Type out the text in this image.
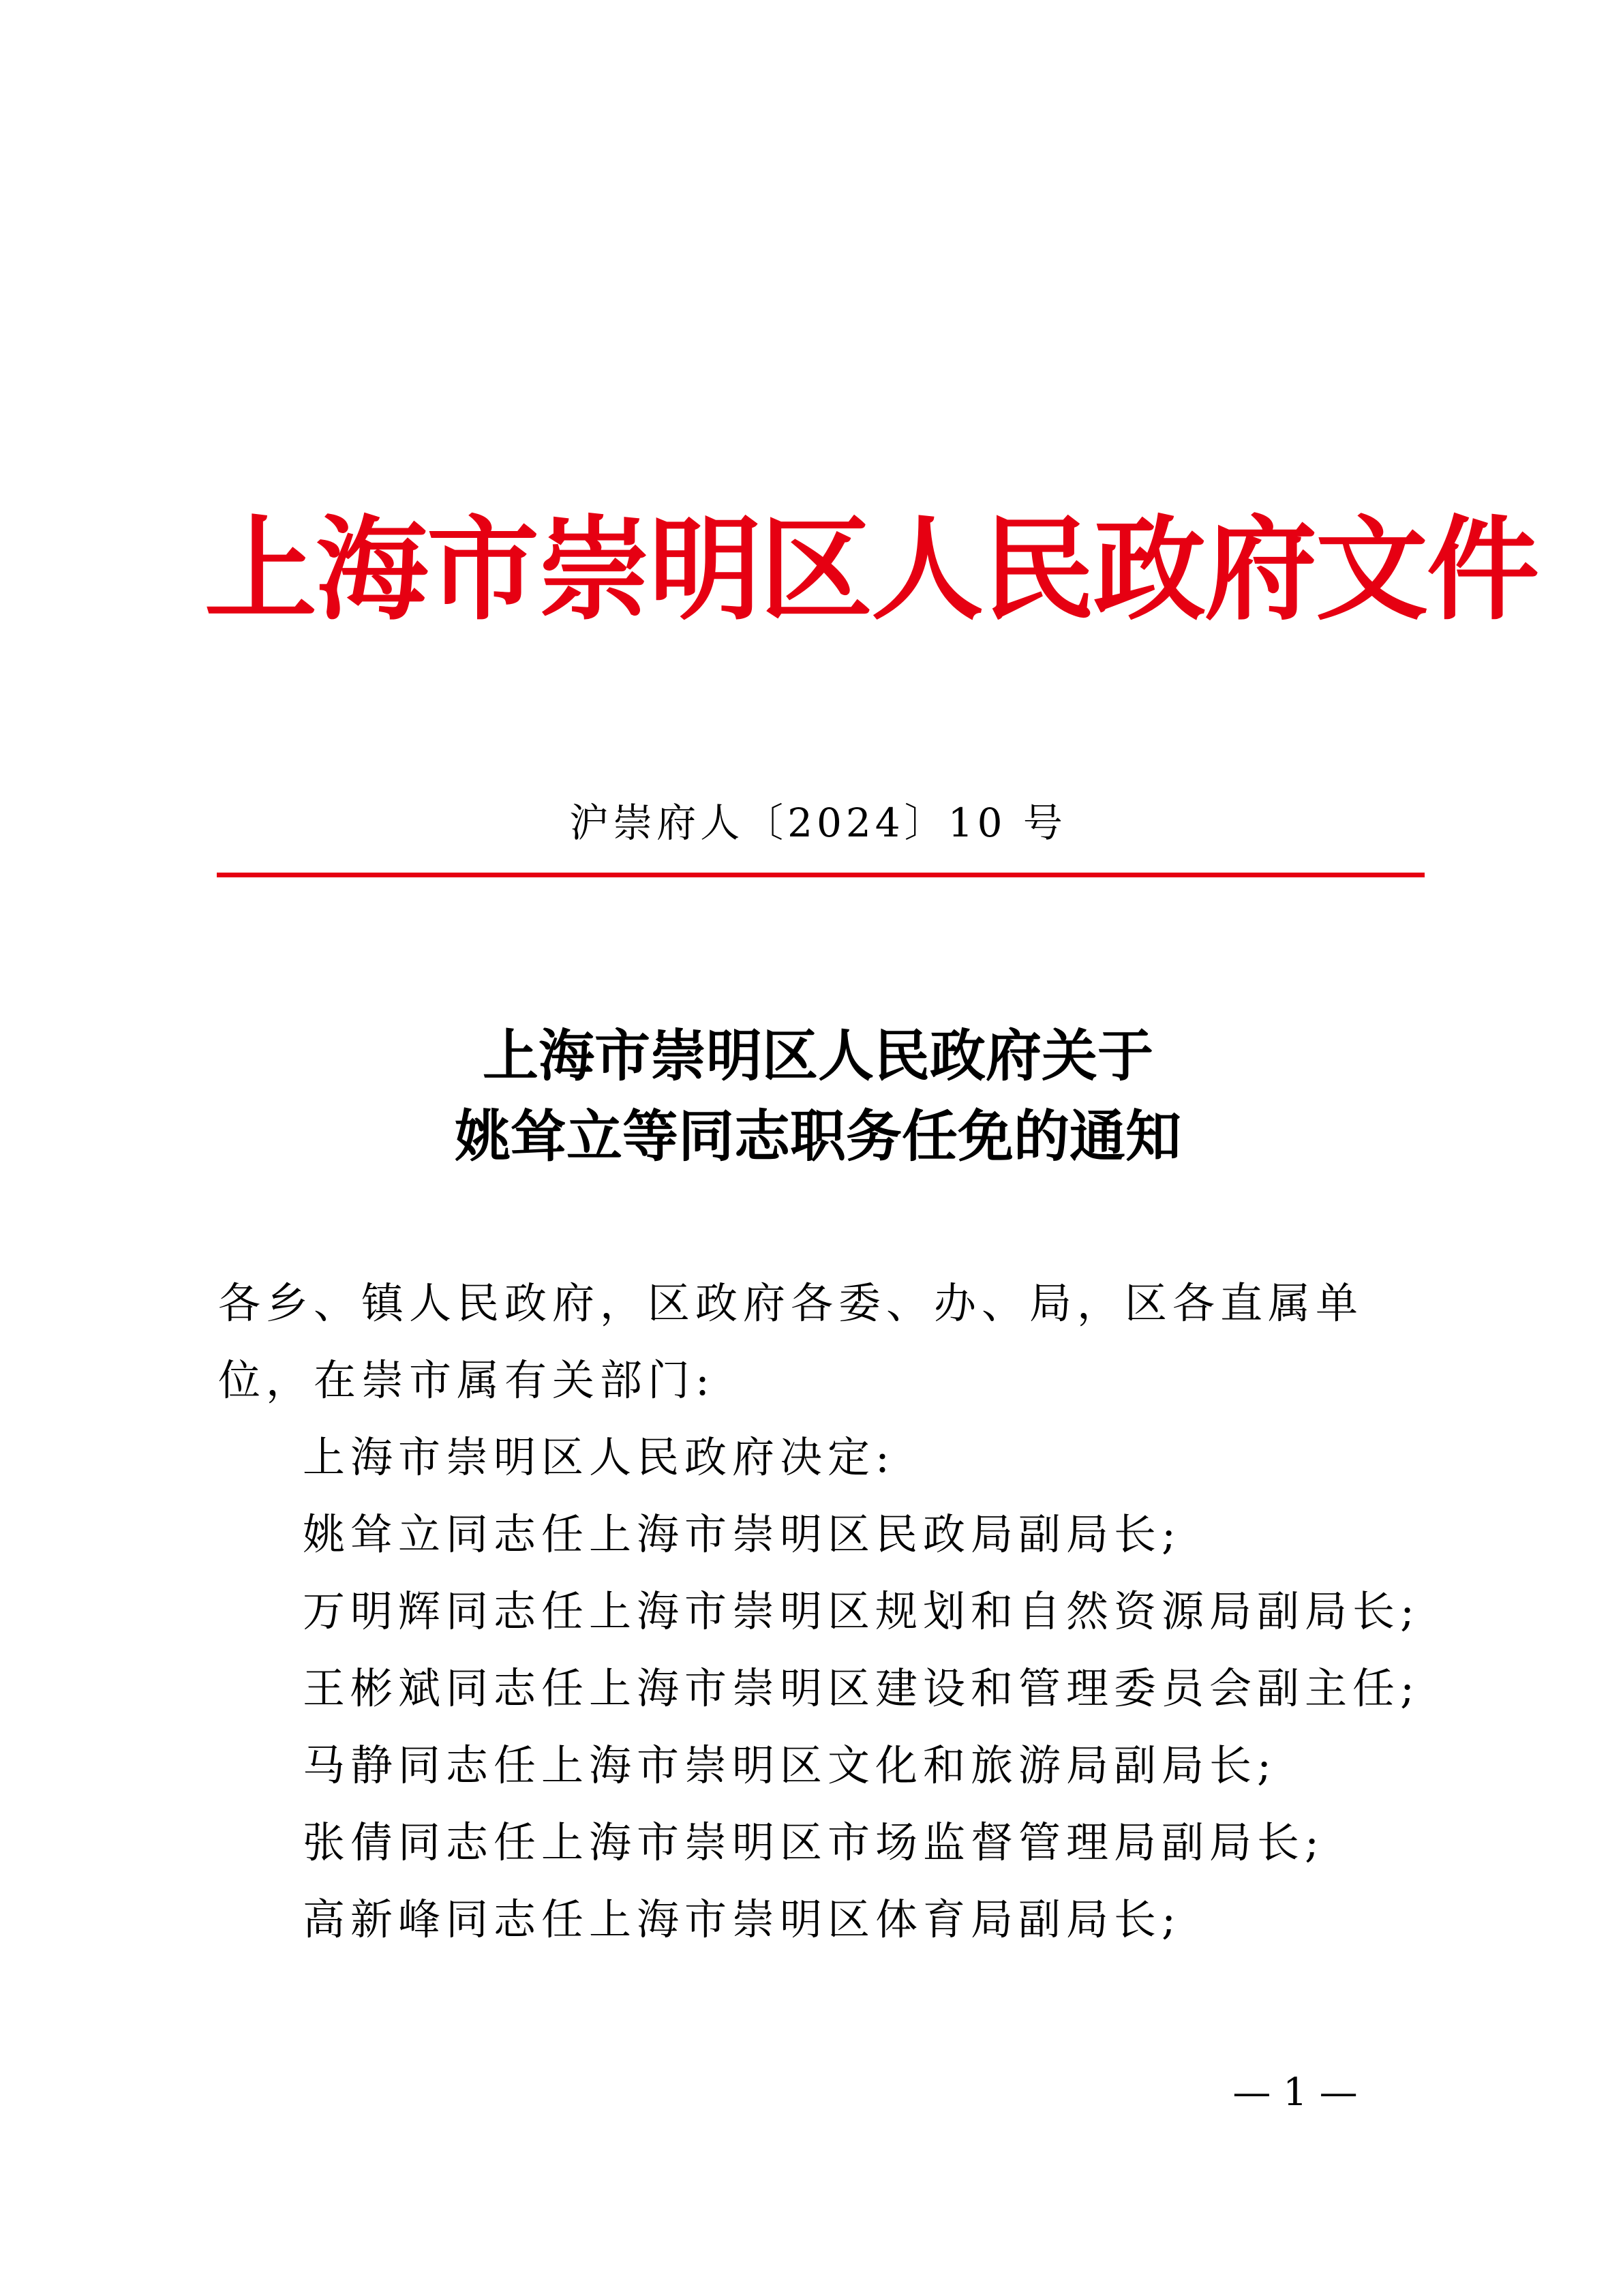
上海市崇明区人民政府文件
沪崇府人〔2024〕10 号
上海市崇明区人民政府关于
姚耸立等同志职务任免的通知

各乡、镇人民政府，区政府各委、办、局，区各直属单位，在崇市属有关部门:

上海市崇明区人民政府决定:

姚耸立同志任上海市崇明区民政局副局长;

万明辉同志任上海市崇明区规划和自然资源局副局长;

王彬斌同志任上海市崇明区建设和管理委员会副主任;

马静同志任上海市崇明区文化和旅游局副局长;

张倩同志任上海市崇明区市场监督管理局副局长;

高新峰同志任上海市崇明区体育局副局长;

— 1 —
